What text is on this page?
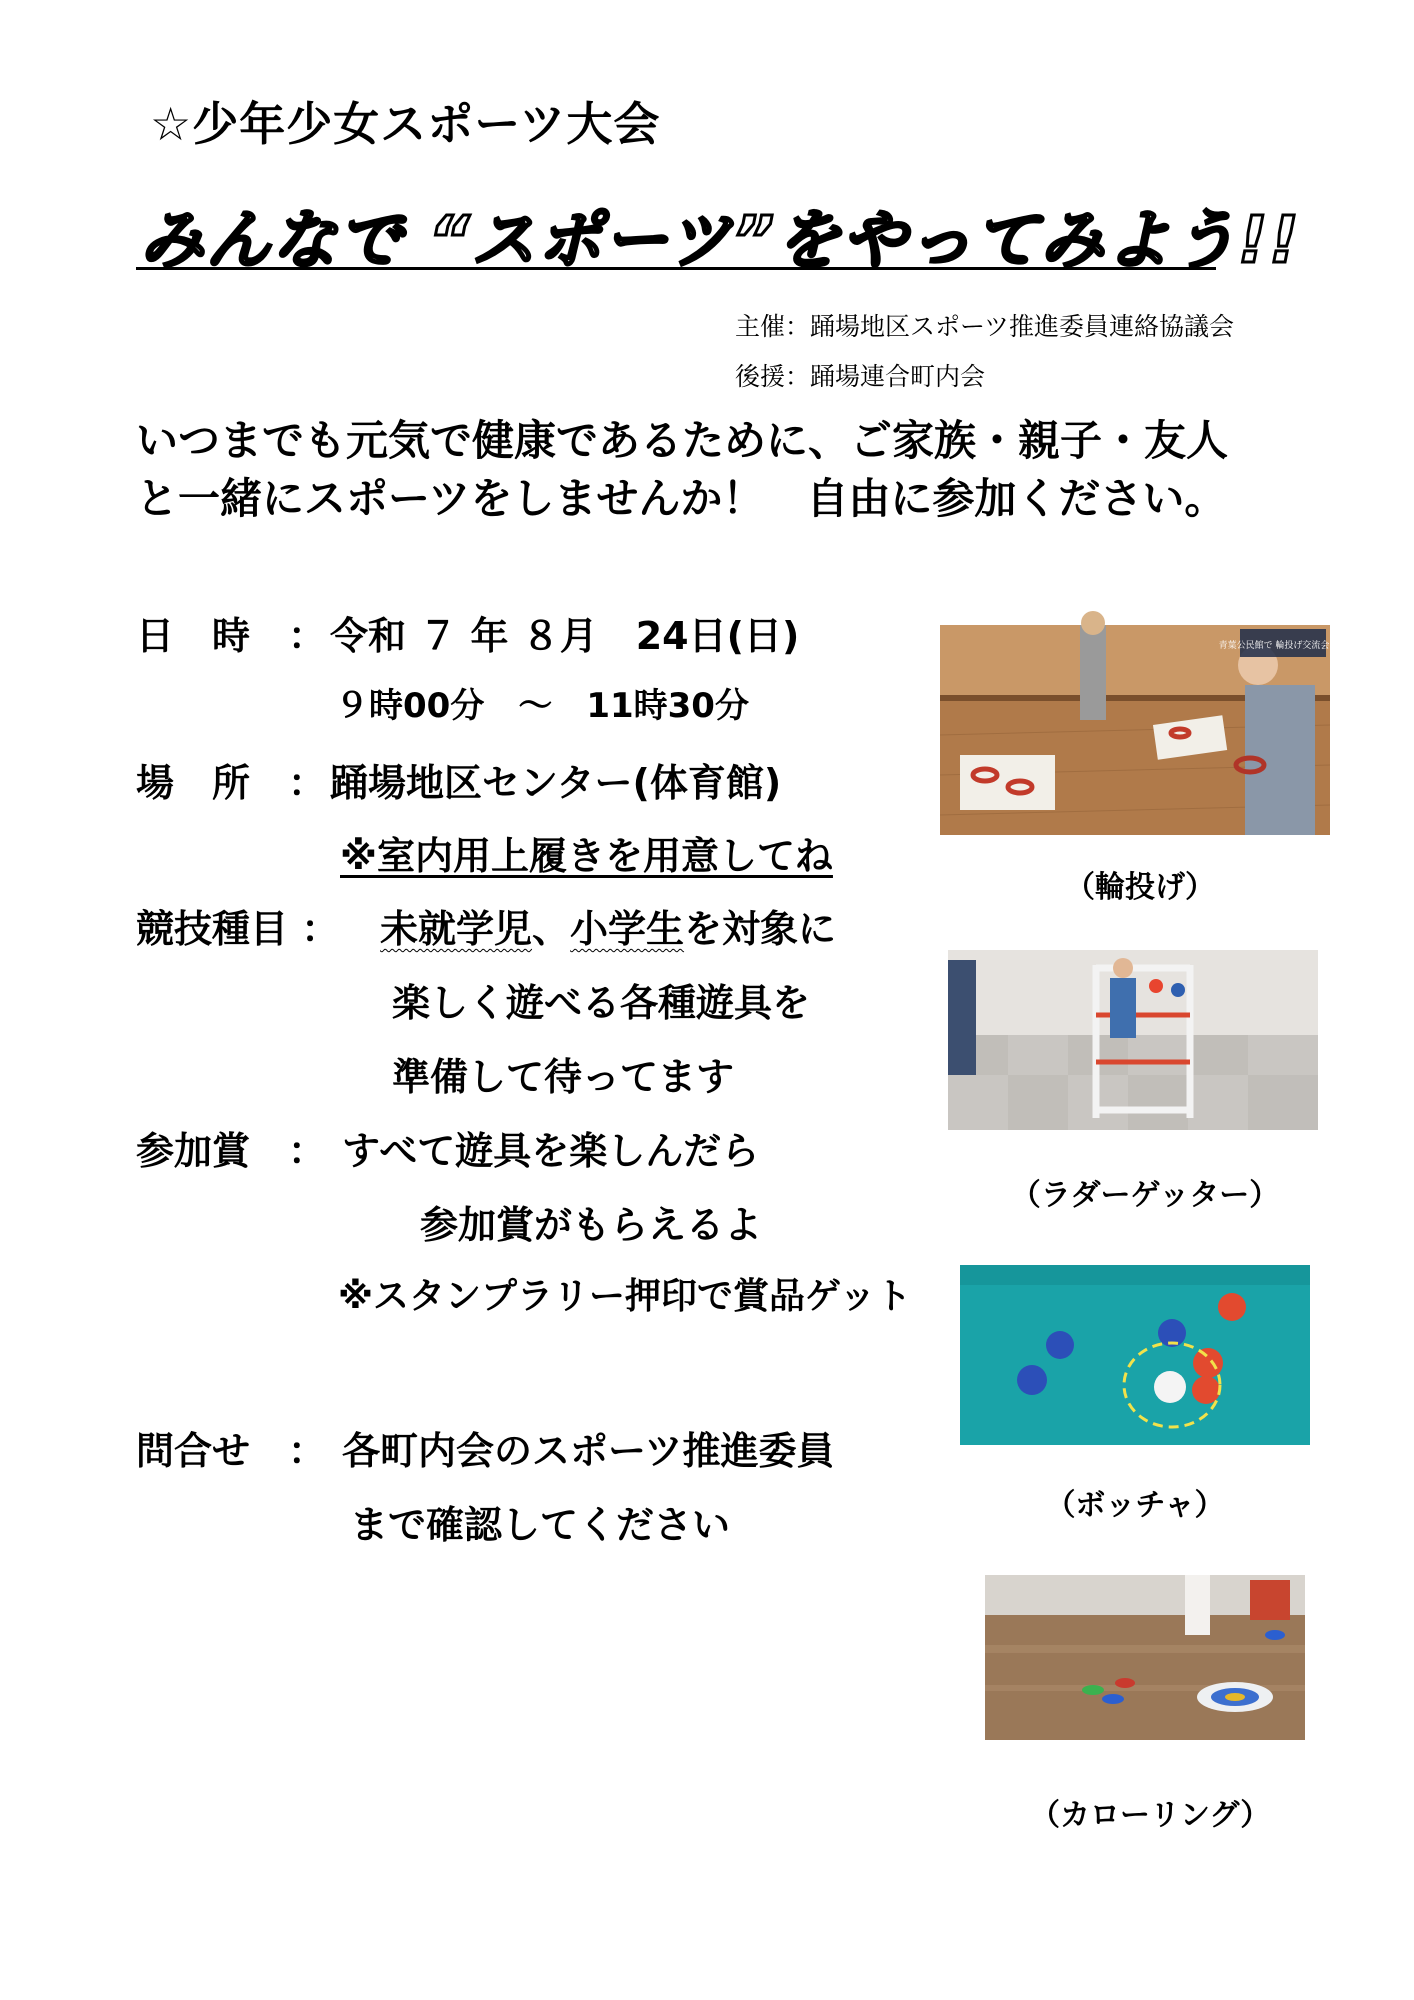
☆少年少女スポーツ大会
みんなで “スポーツ”をやってみよう!!
主催：踊場地区スポーツ推進委員連絡協議会
後援：踊場連合町内会
いつまでも元気で健康であるために、ご家族・親子・友人
と一緒にスポーツをしませんか！　自由に参加ください。
日　時　： 令和 ７ 年 ８月　24日(日)
９時00分　～　11時30分
場　所　： 踊場地区センター(体育館)
※室内用上履きを用意してね
競技種目 ： 未就学児、小学生を対象に
楽しく遊べる各種遊具を
準備して待ってます
参加賞　： すべて遊具を楽しんだら
参加賞がもらえるよ
※スタンプラリー押印で賞品ゲット
問合せ　： 各町内会のスポーツ推進委員
まで確認してください
青葉公民館で 輪投げ交流会開催
（輪投げ）
（ラダーゲッター）
（ボッチャ）
（カローリング）
